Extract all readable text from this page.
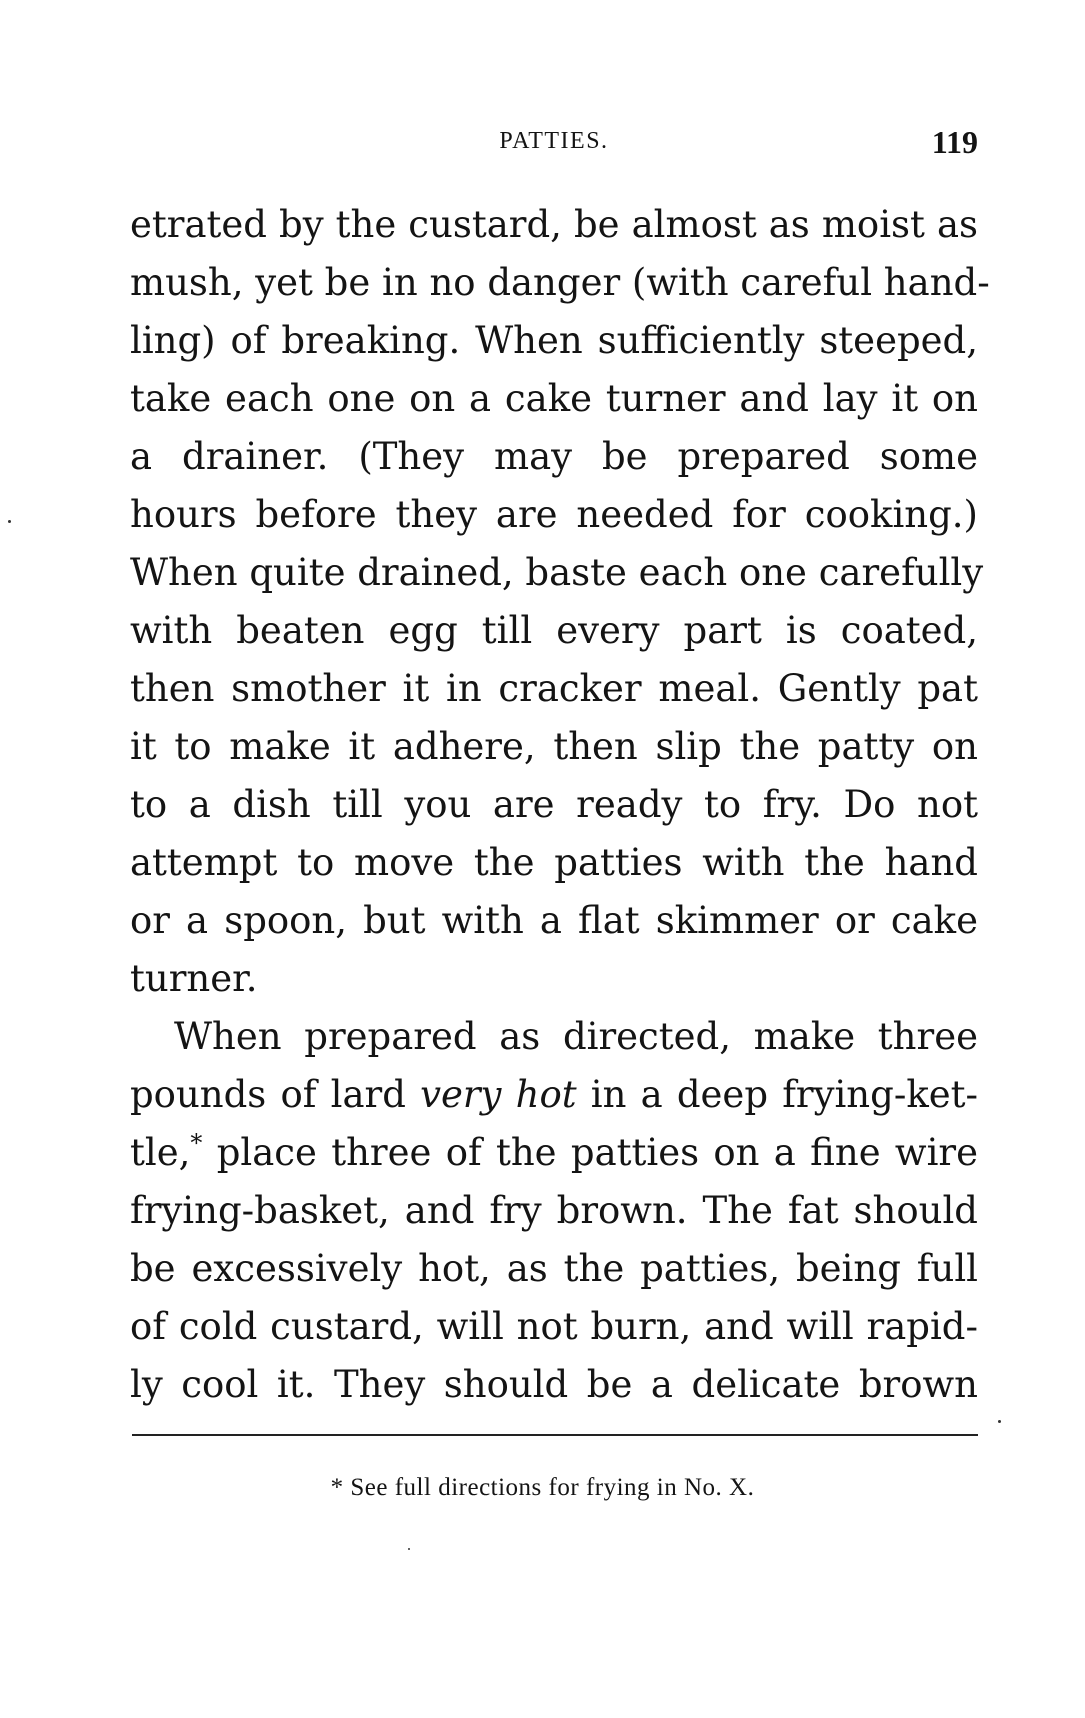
PATTIES.	119
etrated by the custard, be almost as moist as
mush, yet be in no danger (with careful hand-
ling) of breaking. When sufficiently steeped,
take each one on a cake turner and lay it on
a drainer. (They may be prepared some
hours before they are needed for cooking.)
When quite drained, baste each one carefully
with beaten egg till every part is coated,
then smother it in cracker meal. Gently pat
it to make it adhere, then slip the patty on
to a dish till you are ready to fry. Do not
attempt to move the patties with the hand
or a spoon, but with a flat skimmer or cake
turner.
When prepared as directed, make three
pounds of lard very hot in a deep frying-ket-
tle,* place three of the patties on a fine wire
frying-basket, and fry brown. The fat should
be excessively hot, as the patties, being full
of cold custard, will not burn, and will rapid-
ly cool it. They should be a delicate brown
* See full directions for frying in No. X.
